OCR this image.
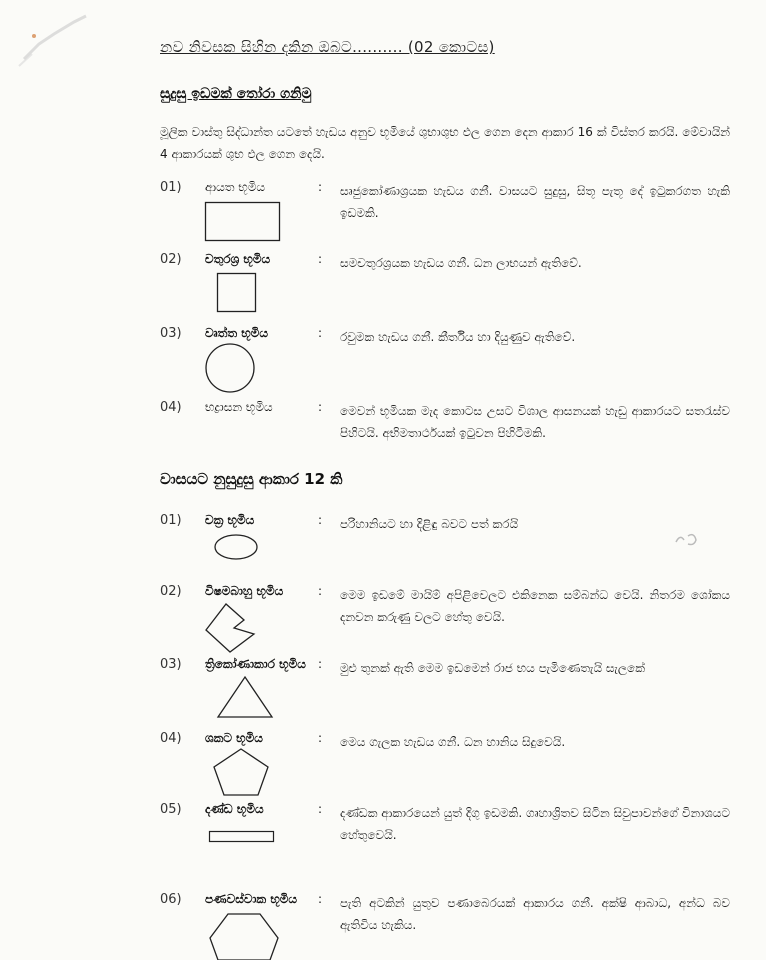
නව නිවසක සිහින දකින ඔබට.......... (02 කොටස)
සුදුසු ඉඩමක් තෝරා ගනිමු
මූලික වාස්තු සිද්ධාන්ත යටතේ හැඩය අනුව භූමියේ ශුභාශුභ ඵල ගෙන දෙන ආකාර 16 ක් විස්තර කරයි. මේවායින් 4 ආකාරයක් ශුභ ඵල ගෙන දෙයි.
01) ආයත භූමිය	: සෘජුකෝණාශ්‍රයක හැඩය ගනී. වාසයට සුදුසු, සිතූ පැතූ දේ ඉටුකරගත හැකි ඉඩමකි.
02) චතුරශ්‍ර භූමිය	: සමචතුරශ්‍රයක හැඩය ගනී. ධන ලාභයන් ඇතිවේ.
03) වෘත්ත භූමිය	: රවුමක හැඩය ගනී. කීර්තිය හා දියුණුව ඇතිවේ.
04) භද්‍රාසන භූමිය	: මෙවන් භූමියක මැද කොටස උසට විශාල ආසනයක් හැඩු ආකාරයට සතරැස්ව පිහිටයි. අභිමතාර්ථයක් ඉටුවන පිහිටීමකි.
වාසයට නුසුදුසු ආකාර 12 කි
01) චක්‍ර භූමිය	: පරිහානියට හා දිළිඳු බවට පත් කරයි
02) විෂමබාහු භූමිය	: මෙම ඉඩමේ මායිම් අපිළිවෙලට එකිනෙක සම්බන්ධ වෙයි. නිතරම ශෝකය දනවන කරුණු වලට හේතු වෙයි.
03) ත්‍රිකෝණාකාර භූමිය : මුළු තුනක් ඇති මෙම ඉඩමෙන් රාජ භය පැමිණෙතැයි සැලකේ
04) ශකට භූමිය	: මෙය ගැලක හැඩය ගනී. ධන හානිය සිදුවෙයි.
05) දණ්ඩ භූමිය	: දණ්ඩක ආකාරයෙන් යුත් දිගු ඉඩමකි. ගෘහාශ්‍රිතව සිටින සිවුපාවන්ගේ විනාශයට හේතුවෙයි.
06) පණවස්වාක භූමිය : පැති අටකින් යුතුව පණාබෙරයක් ආකාරය ගනී. අක්ෂි ආබාධ, අන්ධ බව ඇතිවිය හැකිය.
